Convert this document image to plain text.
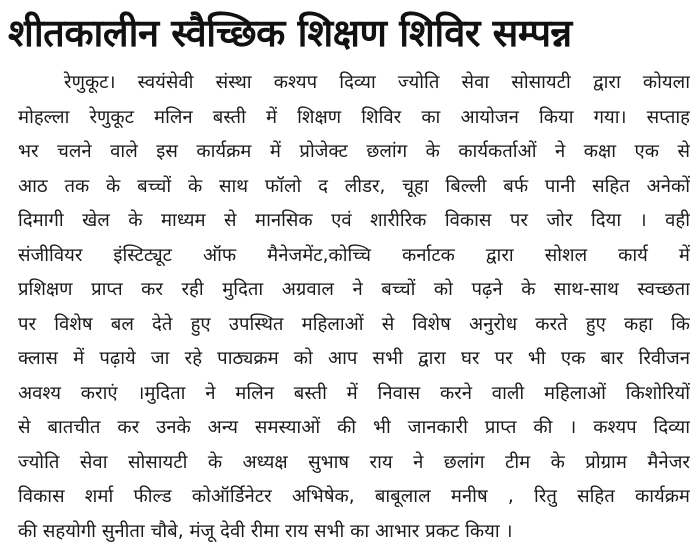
शीतकालीन स्वैच्छिक शिक्षण शिविर सम्पन्न
रेणुकूट। स्वयंसेवी संस्था कश्यप दिव्या ज्योति सेवा सोसायटी द्वारा कोयला
मोहल्ला रेणुकूट मलिन बस्ती में शिक्षण शिविर का आयोजन किया गया। सप्ताह
भर चलने वाले इस कार्यक्रम में प्रोजेक्ट छलांग के कार्यकर्ताओं ने कक्षा एक से
आठ तक के बच्चों के साथ फॉलो द लीडर, चूहा बिल्ली बर्फ पानी सहित अनेकों
दिमागी खेल के माध्यम से मानसिक एवं शारीरिक विकास पर जोर दिया । वही
संजीवियर इंस्टिट्यूट ऑफ मैनेजमेंट,कोच्चि कर्नाटक द्वारा सोशल कार्य में
प्रशिक्षण प्राप्त कर रही मुदिता अग्रवाल ने बच्चों को पढ़ने के साथ-साथ स्वच्छता
पर विशेष बल देते हुए उपस्थित महिलाओं से विशेष अनुरोध करते हुए कहा कि
क्लास में पढ़ाये जा रहे पाठ्यक्रम को आप सभी द्वारा घर पर भी एक बार रिवीजन
अवश्य कराएं ।मुदिता ने मलिन बस्ती में निवास करने वाली महिलाओं किशोरियों
से बातचीत कर उनके अन्य समस्याओं की भी जानकारी प्राप्त की । कश्यप दिव्या
ज्योति सेवा सोसायटी के अध्यक्ष सुभाष राय ने छलांग टीम के प्रोग्राम मैनेजर
विकास शर्मा फील्ड कोऑर्डिनेटर अभिषेक, बाबूलाल मनीष , रितु सहित कार्यक्रम
की सहयोगी सुनीता चौबे, मंजू देवी रीमा राय सभी का आभार प्रकट किया ।
